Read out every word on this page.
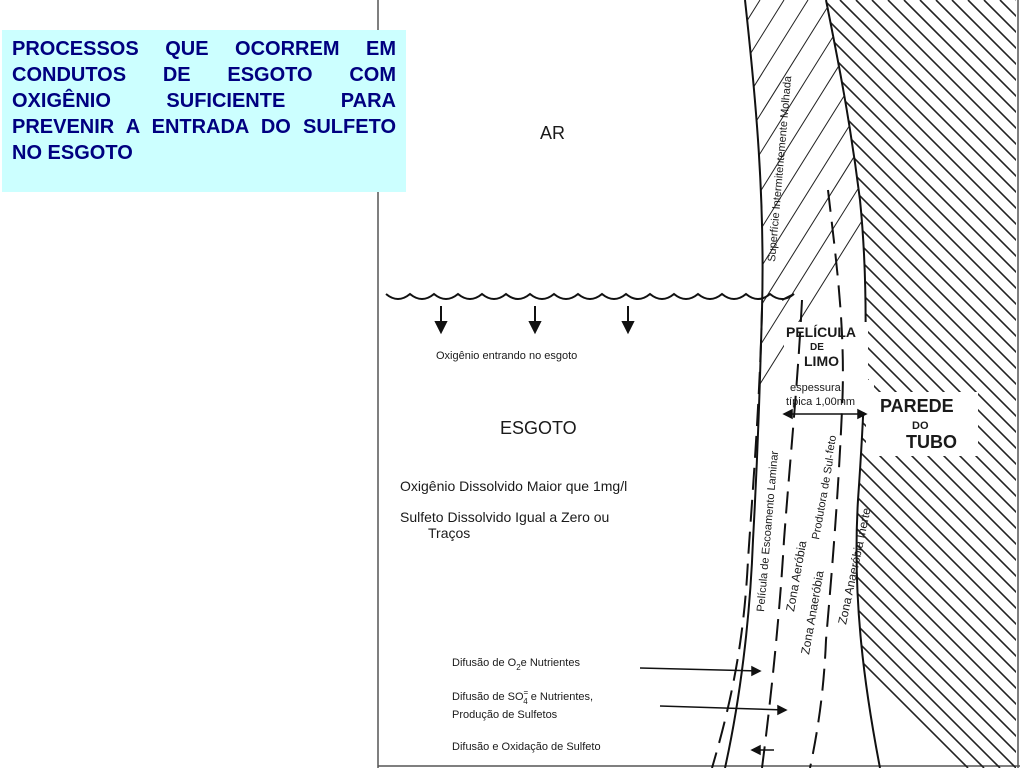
AR	Superfície Intermitentemente Molhada
Oxigênio entrando no esgoto
ESGOTO
Oxigênio Dissolvido Maior que 1mg/l
Sulfeto Dissolvido Igual a Zero ou
Traços
PELÍCULA
DE
LIMO
espessura
típica 1,00mm PAREDE
DO
TUBO
Película de Escoamento Laminar Zona Aeróbia
Produtora de Sul-
feto
Zona Anaeróbia Zona Anaeróbia Inerte
Difusão de $O_2e$ Nutrientes
Difusão de SO= 4 e Nutrientes,
Produção de Sulfetos
Difusão e Oxidação de Sulfeto

PROCESSOS QUE OCORREM EM CONDUTOS DE ESGOTO COM OXIGÊNIO SUFICIENTE PARA PREVENIR A ENTRADA DO SULFETO NO ESGOTO
